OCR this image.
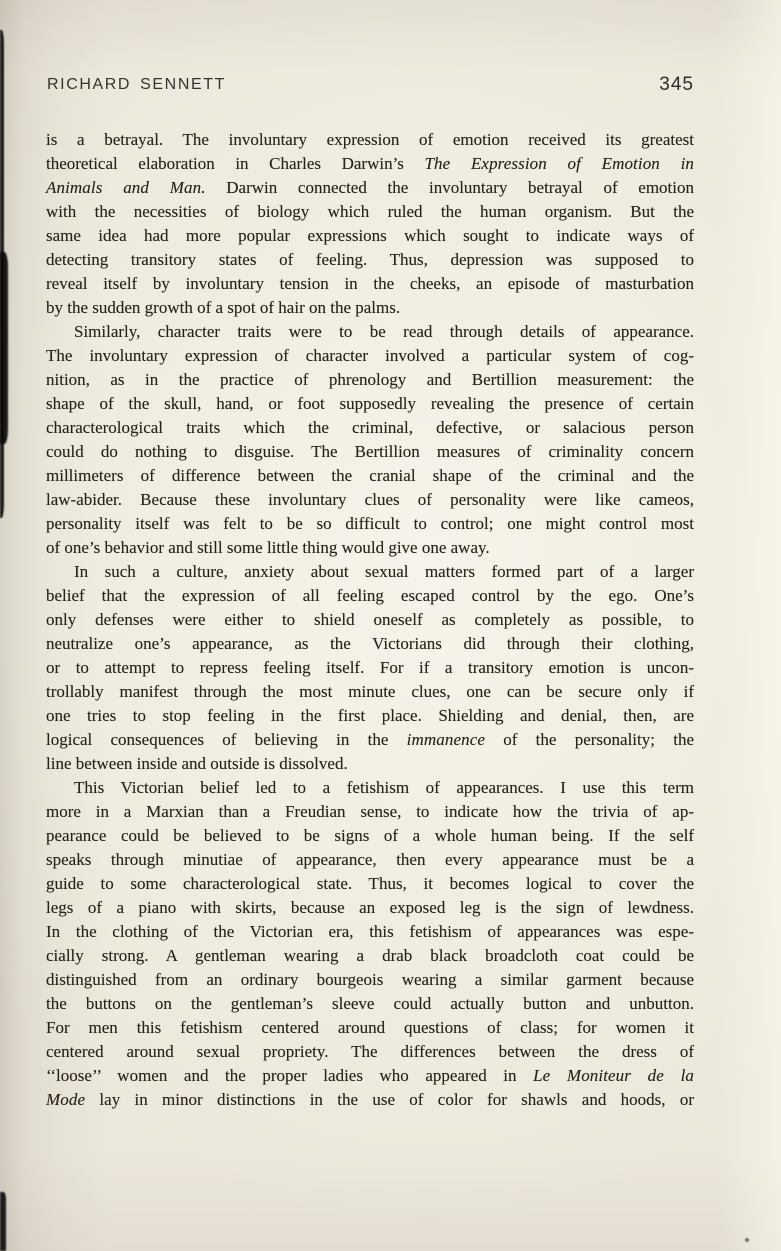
RICHARD SENNETT	345
is a betrayal. The involuntary expression of emotion received its greatest
theoretical elaboration in Charles Darwin’s The Expression of Emotion in
Animals and Man. Darwin connected the involuntary betrayal of emotion
with the necessities of biology which ruled the human organism. But the
same idea had more popular expressions which sought to indicate ways of
detecting transitory states of feeling. Thus, depression was supposed to
reveal itself by involuntary tension in the cheeks, an episode of masturbation
by the sudden growth of a spot of hair on the palms.
Similarly, character traits were to be read through details of appearance.
The involuntary expression of character involved a particular system of cog-
nition, as in the practice of phrenology and Bertillion measurement: the
shape of the skull, hand, or foot supposedly revealing the presence of certain
characterological traits which the criminal, defective, or salacious person
could do nothing to disguise. The Bertillion measures of criminality concern
millimeters of difference between the cranial shape of the criminal and the
law-abider. Because these involuntary clues of personality were like cameos,
personality itself was felt to be so difficult to control; one might control most
of one’s behavior and still some little thing would give one away.
In such a culture, anxiety about sexual matters formed part of a larger
belief that the expression of all feeling escaped control by the ego. One’s
only defenses were either to shield oneself as completely as possible, to
neutralize one’s appearance, as the Victorians did through their clothing,
or to attempt to repress feeling itself. For if a transitory emotion is uncon-
trollably manifest through the most minute clues, one can be secure only if
one tries to stop feeling in the first place. Shielding and denial, then, are
logical consequences of believing in the immanence of the personality; the
line between inside and outside is dissolved.
This Victorian belief led to a fetishism of appearances. I use this term
more in a Marxian than a Freudian sense, to indicate how the trivia of ap-
pearance could be believed to be signs of a whole human being. If the self
speaks through minutiae of appearance, then every appearance must be a
guide to some characterological state. Thus, it becomes logical to cover the
legs of a piano with skirts, because an exposed leg is the sign of lewdness.
In the clothing of the Victorian era, this fetishism of appearances was espe-
cially strong. A gentleman wearing a drab black broadcloth coat could be
distinguished from an ordinary bourgeois wearing a similar garment because
the buttons on the gentleman’s sleeve could actually button and unbutton.
For men this fetishism centered around questions of class; for women it
centered around sexual propriety. The differences between the dress of
‘‘loose’’ women and the proper ladies who appeared in Le Moniteur de la
Mode lay in minor distinctions in the use of color for shawls and hoods, or
